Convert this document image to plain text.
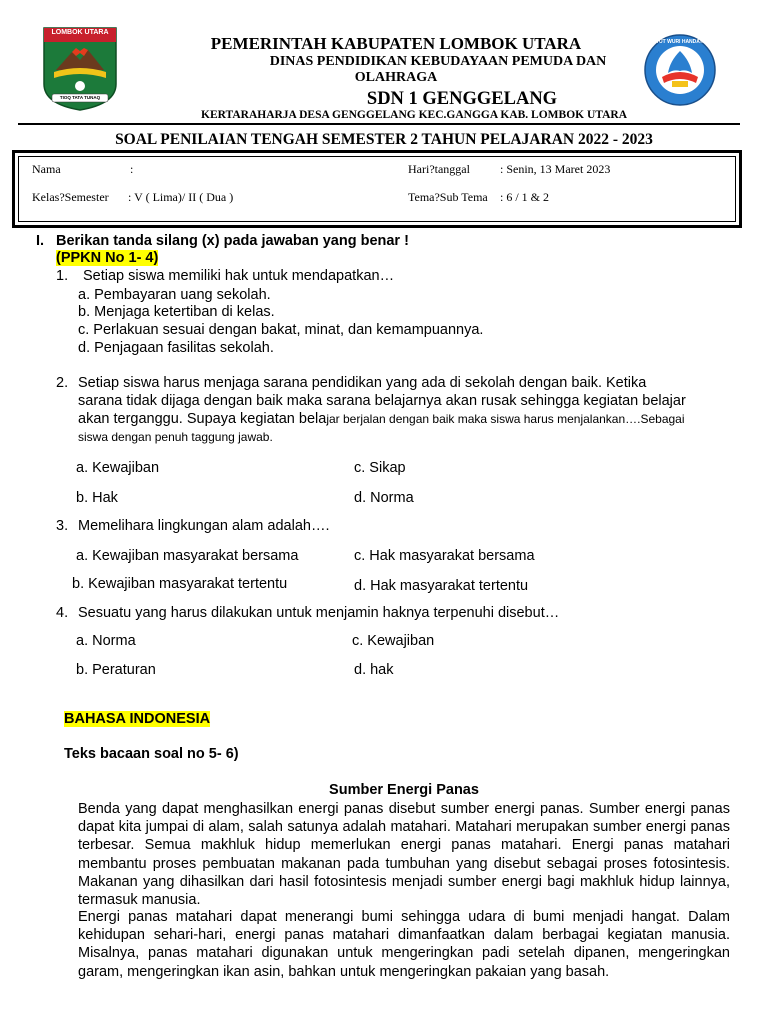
LOMBOK UTARA
TIOQ TATA TUNAQ
TUT WURI HANDAYANI
PEMERINTAH KABUPATEN LOMBOK UTARA
DINAS PENDIDIKAN KEBUDAYAAN PEMUDA DAN
OLAHRAGA
SDN 1 GENGGELANG
KERTARAHARJA DESA GENGGELANG KEC.GANGGA KAB. LOMBOK UTARA
SOAL PENILAIAN TENGAH SEMESTER 2 TAHUN PELAJARAN 2022 - 2023
Nama	:
Kelas?Semester : V ( Lima)/ II ( Dua )
Hari?tanggal	: Senin, 13 Maret 2023
Tema?Sub Tema : 6 / 1 & 2
I. Berikan tanda silang (x) pada jawaban yang benar !
(PPKN No 1- 4)
1. Setiap siswa memiliki hak untuk mendapatkan…
a. Pembayaran uang sekolah.
b. Menjaga ketertiban di kelas.
c. Perlakuan sesuai dengan bakat, minat, dan kemampuannya.
d. Penjagaan fasilitas sekolah.
2. Setiap siswa harus menjaga sarana pendidikan yang ada di sekolah dengan baik. Ketika
sarana tidak dijaga dengan baik maka sarana belajarnya akan rusak sehingga kegiatan belajar
akan terganggu. Supaya kegiatan belajar berjalan dengan baik maka siswa harus menjalankan….Sebagai
siswa dengan penuh taggung jawab.
a. Kewajiban
b. Hak
c. Sikap
d. Norma
3. Memelihara lingkungan alam adalah….
a. Kewajiban masyarakat bersama
b. Kewajiban masyarakat tertentu
c. Hak masyarakat bersama
d. Hak masyarakat tertentu
4. Sesuatu yang harus dilakukan untuk menjamin haknya terpenuhi disebut…
a. Norma
b. Peraturan
c. Kewajiban
d. hak
BAHASA INDONESIA
Teks bacaan soal no 5- 6)
Sumber Energi Panas
Benda yang dapat menghasilkan energi panas disebut sumber energi panas. Sumber energi panas dapat kita jumpai di alam, salah satunya adalah matahari. Matahari merupakan sumber energi panas terbesar. Semua makhluk hidup memerlukan energi panas matahari. Energi panas matahari membantu proses pembuatan makanan pada tumbuhan yang disebut sebagai proses fotosintesis. Makanan yang dihasilkan dari hasil fotosintesis menjadi sumber energi bagi makhluk hidup lainnya, termasuk manusia.
Energi panas matahari dapat menerangi bumi sehingga udara di bumi menjadi hangat. Dalam kehidupan sehari-hari, energi panas matahari dimanfaatkan dalam berbagai kegiatan manusia. Misalnya, panas matahari digunakan untuk mengeringkan padi setelah dipanen, mengeringkan garam, mengeringkan ikan asin, bahkan untuk mengeringkan pakaian yang basah.
